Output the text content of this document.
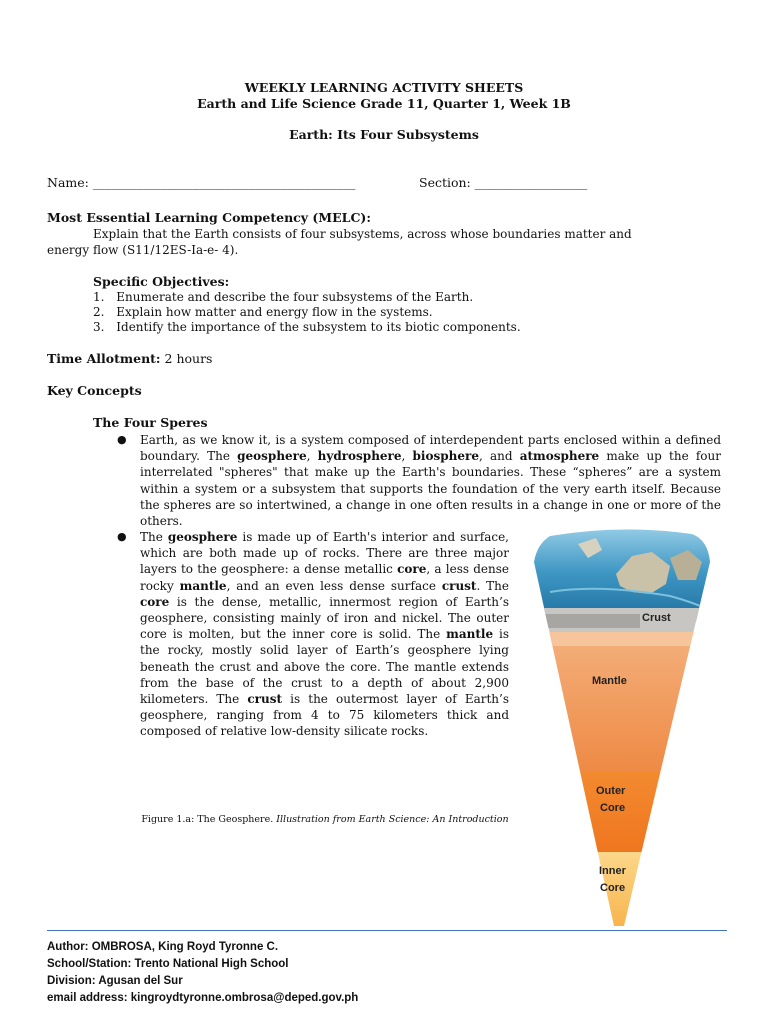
WEEKLY LEARNING ACTIVITY SHEETS
Earth and Life Science Grade 11, Quarter 1, Week 1B
Earth: Its Four Subsystems
Name: __________________________________________	Section: __________________
Most Essential Learning Competency (MELC):
Explain that the Earth consists of four subsystems, across whose boundaries matter and
energy flow (S11/12ES-Ia-e- 4).
Specific Objectives:
1. Enumerate and describe the four subsystems of the Earth.
2. Explain how matter and energy flow in the systems.
3. Identify the importance of the subsystem to its biotic components.
Time Allotment: 2 hours
Key Concepts
The Four Speres
● Earth, as we know it, is a system composed of interdependent parts enclosed within a defined boundary. The geosphere, hydrosphere, biosphere, and atmosphere make up the four interrelated "spheres" that make up the Earth's boundaries. These “spheres” are a system within a system or a subsystem that supports the foundation of the very earth itself. Because the spheres are so intertwined, a change in one often results in a change in one or more of the others.
● The geosphere is made up of Earth's interior and surface, which are both made up of rocks. There are three major layers to the geosphere: a dense metallic core, a less dense rocky mantle, and an even less dense surface crust. The core is the dense, metallic, innermost region of Earth’s geosphere, consisting mainly of iron and nickel. The outer core is molten, but the inner core is solid. The mantle is the rocky, mostly solid layer of Earth’s geosphere lying beneath the crust and above the core. The mantle extends from the base of the crust to a depth of about 2,900 kilometers. The crust is the outermost layer of Earth’s geosphere, ranging from 4 to 75 kilometers thick and composed of relative low-density silicate rocks.
Figure 1.a: The Geosphere. Illustration from Earth Science: An Introduction
Crust
Mantle
Outer
Core
Inner
Core
Author: OMBROSA, King Royd Tyronne C.
School/Station: Trento National High School
Division: Agusan del Sur
email address: kingroydtyronne.ombrosa@deped.gov.ph
